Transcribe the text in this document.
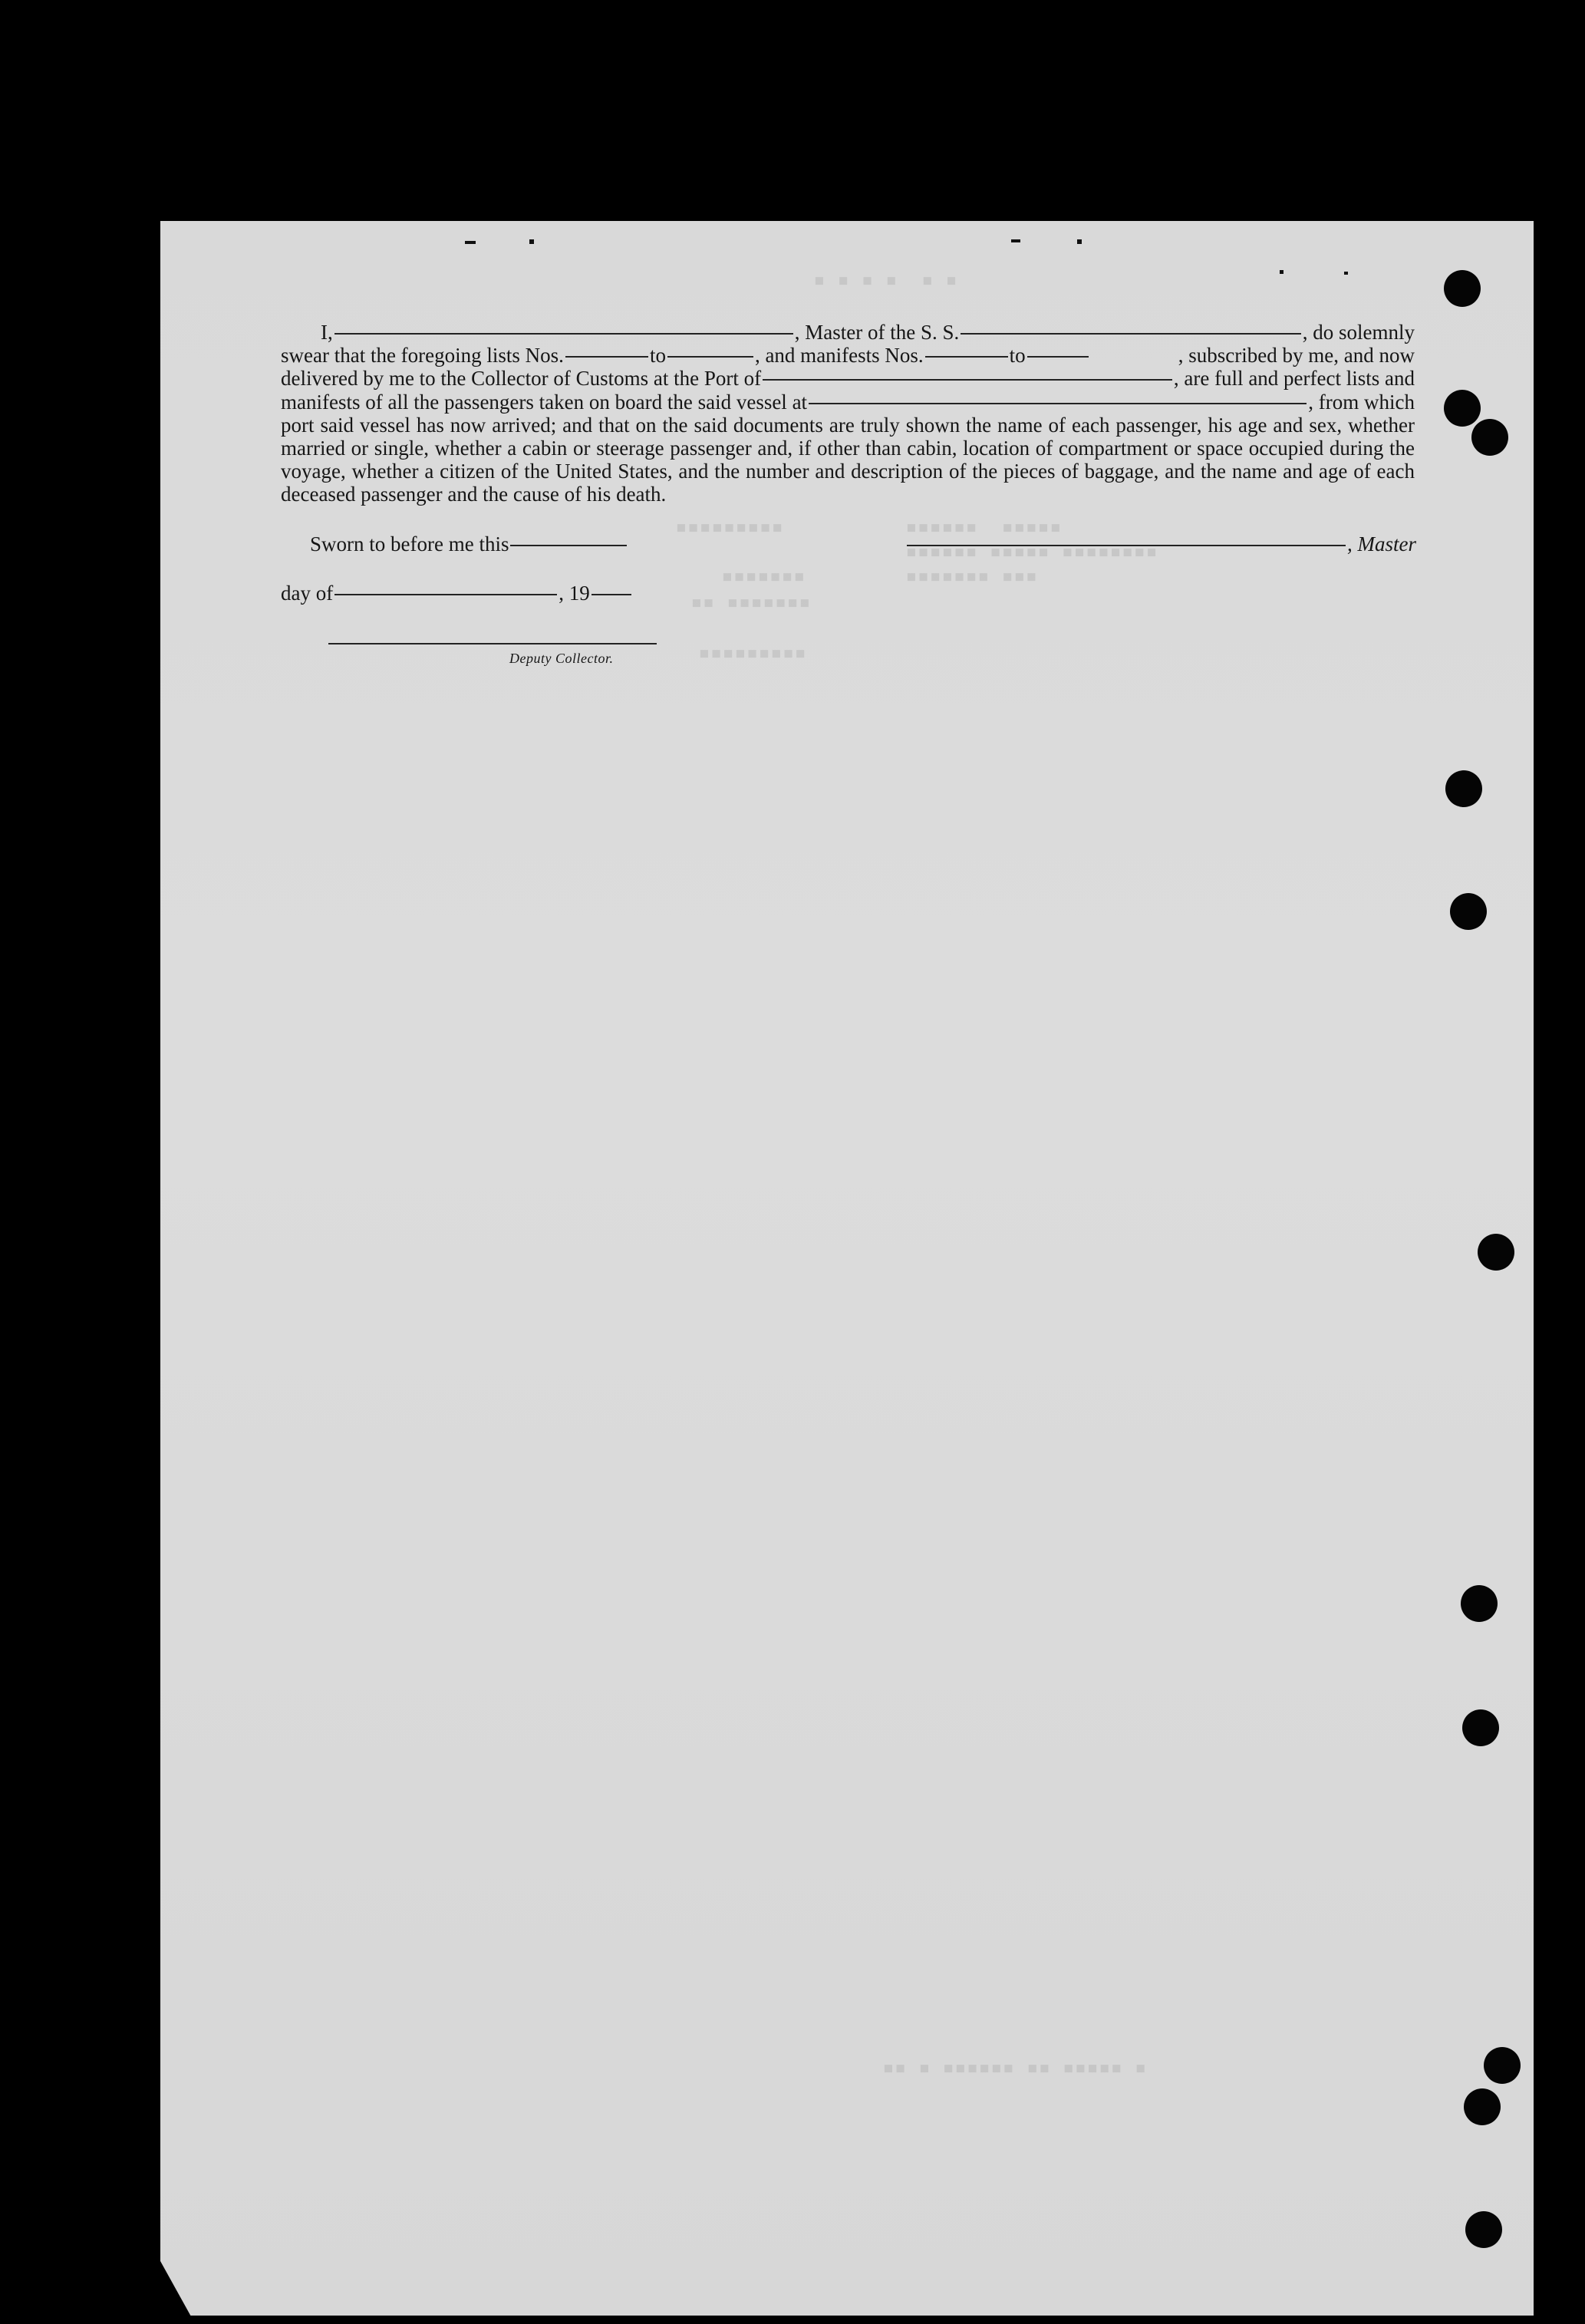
▪ ▪ ▪ ▪  ▪ ▪
▪▪▪▪▪▪▪▪▪	▪▪▪▪▪▪  ▪▪▪▪▪
▪▪▪▪▪▪ ▪▪▪▪▪ ▪▪▪▪▪▪▪▪
▪▪▪▪▪▪▪	▪▪▪▪▪▪▪ ▪▪▪
▪▪ ▪▪▪▪▪▪▪
▪▪▪▪▪▪▪▪▪
▪▪ ▪ ▪▪▪▪▪▪ ▪▪ ▪▪▪▪▪ ▪
I,	, Master of the S. S.	, do solemnly
swear that the foregoing lists Nos.	to	, and manifests Nos.	to	, subscribed by me, and now
delivered by me to the Collector of Customs at the Port of	, are full and perfect lists and
manifests of all the passengers taken on board the said vessel at	, from which
port said vessel has now arrived; and that on the said documents are truly shown the name of each passenger, his age and sex, whether married or single, whether a cabin or steerage passenger and, if other than cabin, location of compartment or space occupied during the voyage, whether a citizen of the United States, and the number and description of the pieces of baggage, and the name and age of each deceased passenger and the cause of his death.
Sworn to before me this	, Master
day of	, 19
Deputy Collector.
